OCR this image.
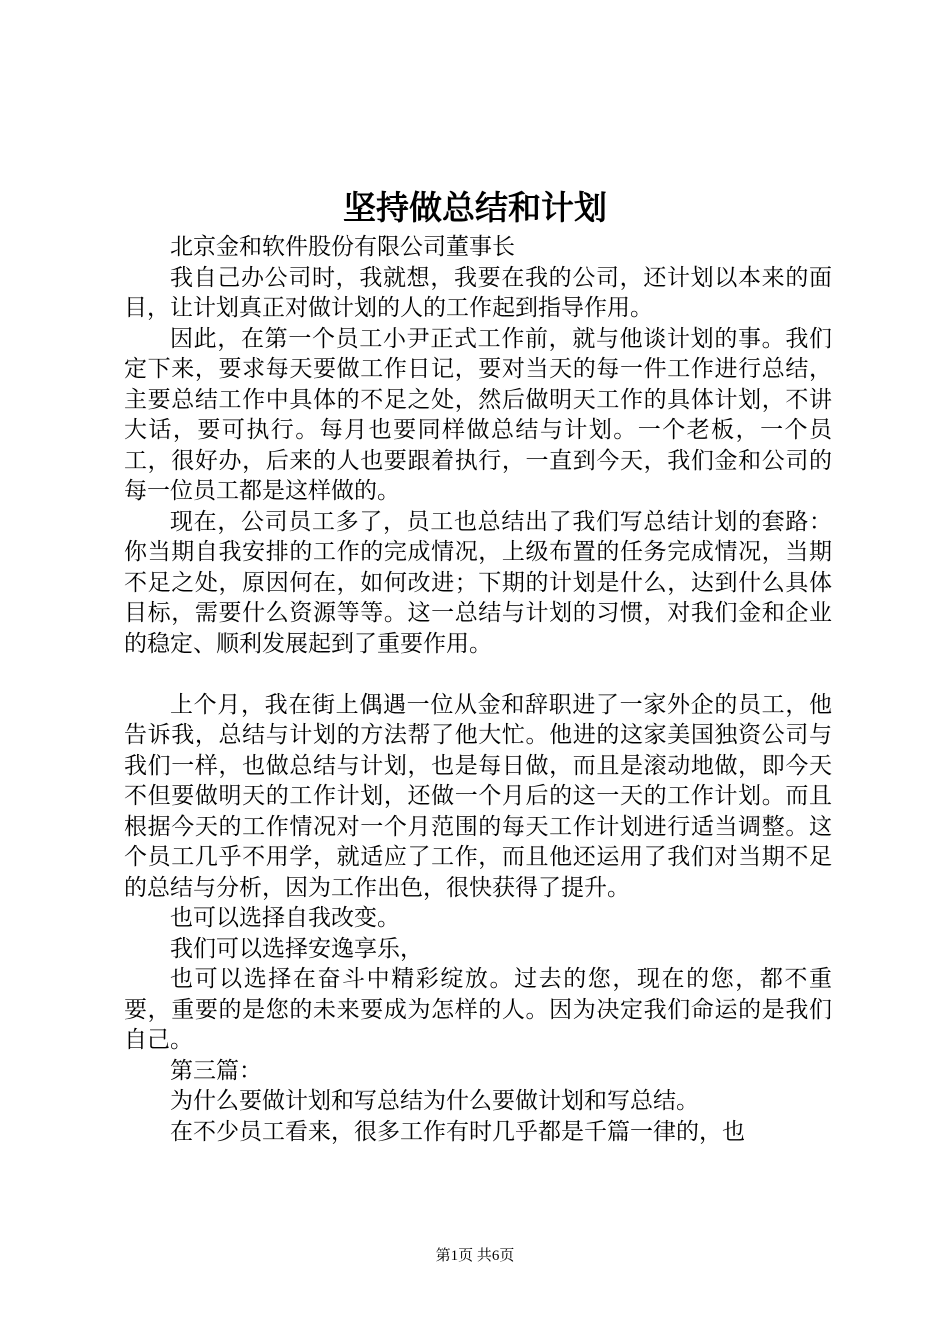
坚持做总结和计划

北京金和软件股份有限公司董事长

我自己办公司时，我就想，我要在我的公司，还计划以本来的面目，让计划真正对做计划的人的工作起到指导作用。

因此，在第一个员工小尹正式工作前，就与他谈计划的事。我们定下来，要求每天要做工作日记，要对当天的每一件工作进行总结，主要总结工作中具体的不足之处，然后做明天工作的具体计划，不讲大话，要可执行。每月也要同样做总结与计划。一个老板，一个员工，很好办，后来的人也要跟着执行，一直到今天，我们金和公司的每一位员工都是这样做的。

现在，公司员工多了，员工也总结出了我们写总结计划的套路：你当期自我安排的工作的完成情况，上级布置的任务完成情况，当期不足之处，原因何在，如何改进；下期的计划是什么，达到什么具体目标，需要什么资源等等。这一总结与计划的习惯，对我们金和企业的稳定、顺利发展起到了重要作用。

上个月，我在街上偶遇一位从金和辞职进了一家外企的员工，他告诉我，总结与计划的方法帮了他大忙。他进的这家美国独资公司与我们一样，也做总结与计划，也是每日做，而且是滚动地做，即今天不但要做明天的工作计划，还做一个月后的这一天的工作计划。而且根据今天的工作情况对一个月范围的每天工作计划进行适当调整。这个员工几乎不用学，就适应了工作，而且他还运用了我们对当期不足的总结与分析，因为工作出色，很快获得了提升。

也可以选择自我改变。

我们可以选择安逸享乐，

也可以选择在奋斗中精彩绽放。过去的您，现在的您，都不重要，重要的是您的未来要成为怎样的人。因为决定我们命运的是我们自己。

第三篇：

为什么要做计划和写总结为什么要做计划和写总结。

在不少员工看来，很多工作有时几乎都是千篇一律的，也

第1页 共6页
